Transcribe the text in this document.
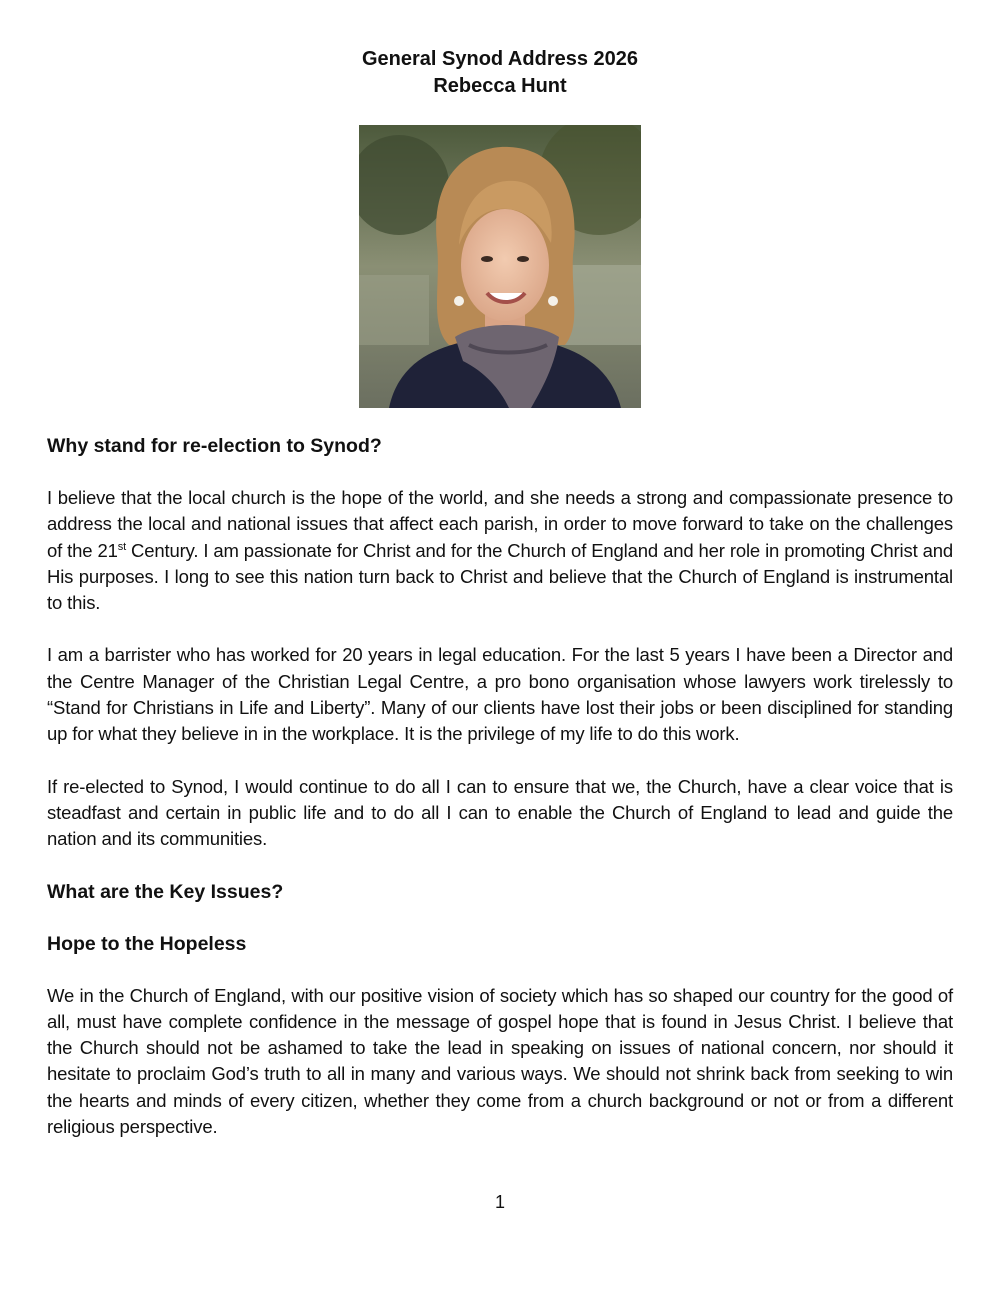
General Synod Address 2026

Rebecca Hunt

Why stand for re-election to Synod?

I believe that the local church is the hope of the world, and she needs a strong and compassionate presence to address the local and national issues that affect each parish, in order to move forward to take on the challenges of the 21st Century. I am passionate for Christ and for the Church of England and her role in promoting Christ and His purposes. I long to see this nation turn back to Christ and believe that the Church of England is instrumental to this.

I am a barrister who has worked for 20 years in legal education. For the last 5 years I have been a Director and the Centre Manager of the Christian Legal Centre, a pro bono organisation whose lawyers work tirelessly to “Stand for Christians in Life and Liberty”. Many of our clients have lost their jobs or been disciplined for standing up for what they believe in in the workplace. It is the privilege of my life to do this work.

If re-elected to Synod, I would continue to do all I can to ensure that we, the Church, have a clear voice that is steadfast and certain in public life and to do all I can to enable the Church of England to lead and guide the nation and its communities.

What are the Key Issues?

Hope to the Hopeless

We in the Church of England, with our positive vision of society which has so shaped our country for the good of all, must have complete confidence in the message of gospel hope that is found in Jesus Christ. I believe that the Church should not be ashamed to take the lead in speaking on issues of national concern, nor should it hesitate to proclaim God’s truth to all in many and various ways. We should not shrink back from seeking to win the hearts and minds of every citizen, whether they come from a church background or not or from a different religious perspective.

1
